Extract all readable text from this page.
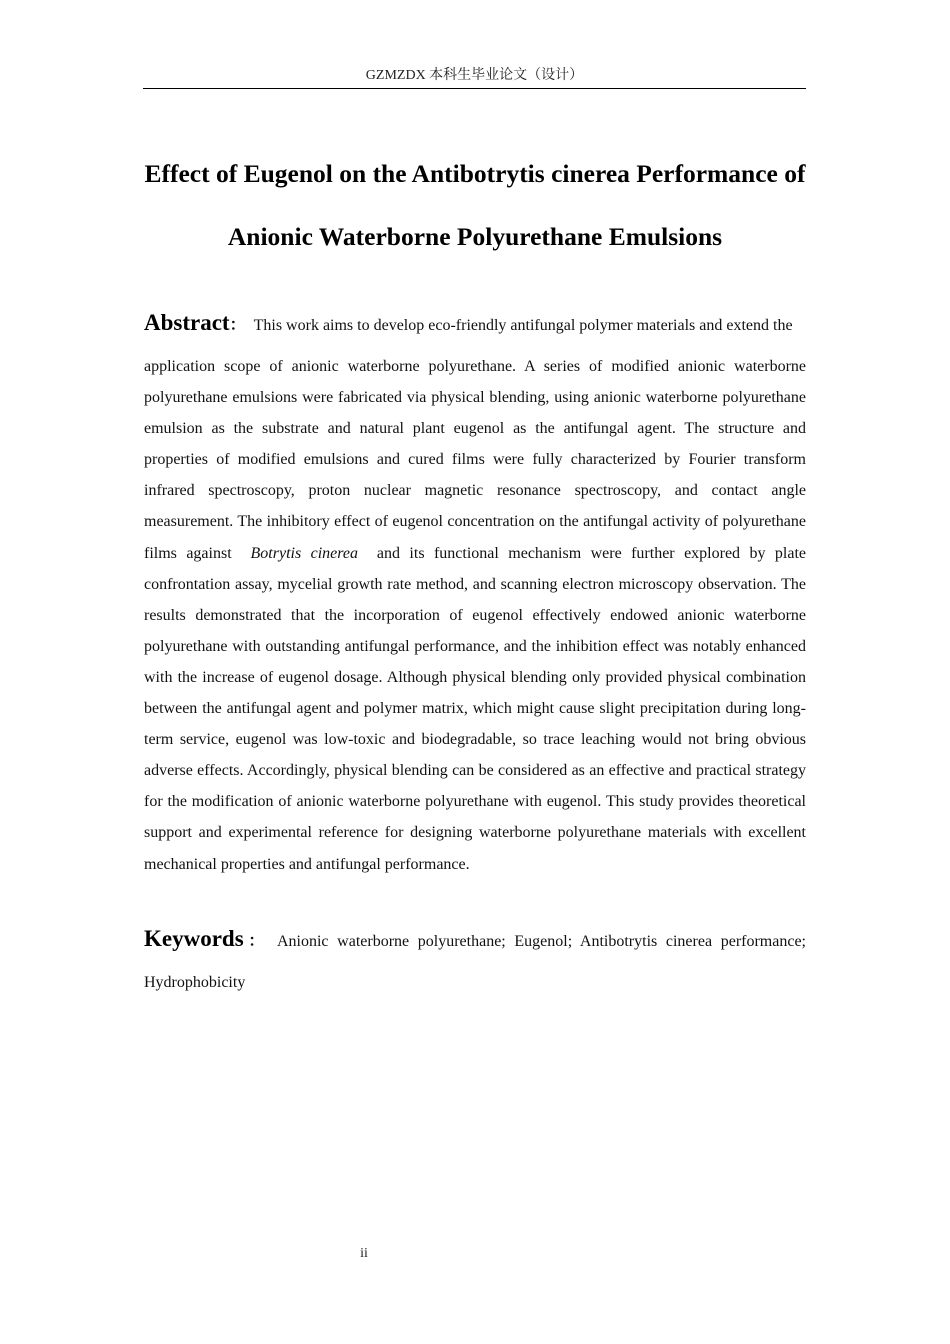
GZMZDX 本科生毕业论文（设计）
Effect of Eugenol on the Antibotrytis cinerea Performance of
Anionic Waterborne Polyurethane Emulsions
Abstract： This work aims to develop eco-friendly antifungal polymer materials and extend the
application scope of anionic waterborne polyurethane. A series of modified anionic waterborne polyurethane emulsions were fabricated via physical blending, using anionic waterborne polyurethane emulsion as the substrate and natural plant eugenol as the antifungal agent. The structure and properties of modified emulsions and cured films were fully characterized by Fourier transform infrared spectroscopy, proton nuclear magnetic resonance spectroscopy, and contact angle measurement. The inhibitory effect of eugenol concentration on the antifungal activity of polyurethane films against Botrytis cinerea and its functional mechanism were further explored by plate confrontation assay, mycelial growth rate method, and scanning electron microscopy observation. The results demonstrated that the incorporation of eugenol effectively endowed anionic waterborne polyurethane with outstanding antifungal performance, and the inhibition effect was notably enhanced with the increase of eugenol dosage. Although physical blending only provided physical combination between the antifungal agent and polymer matrix, which might cause slight precipitation during long-term service, eugenol was low-toxic and biodegradable, so trace leaching would not bring obvious adverse effects. Accordingly, physical blending can be considered as an effective and practical strategy for the modification of anionic waterborne polyurethane with eugenol. This study provides theoretical support and experimental reference for designing waterborne polyurethane materials with excellent mechanical properties and antifungal performance.
Keywords： Anionic waterborne polyurethane; Eugenol; Antibotrytis cinerea performance; Hydrophobicity
ii
